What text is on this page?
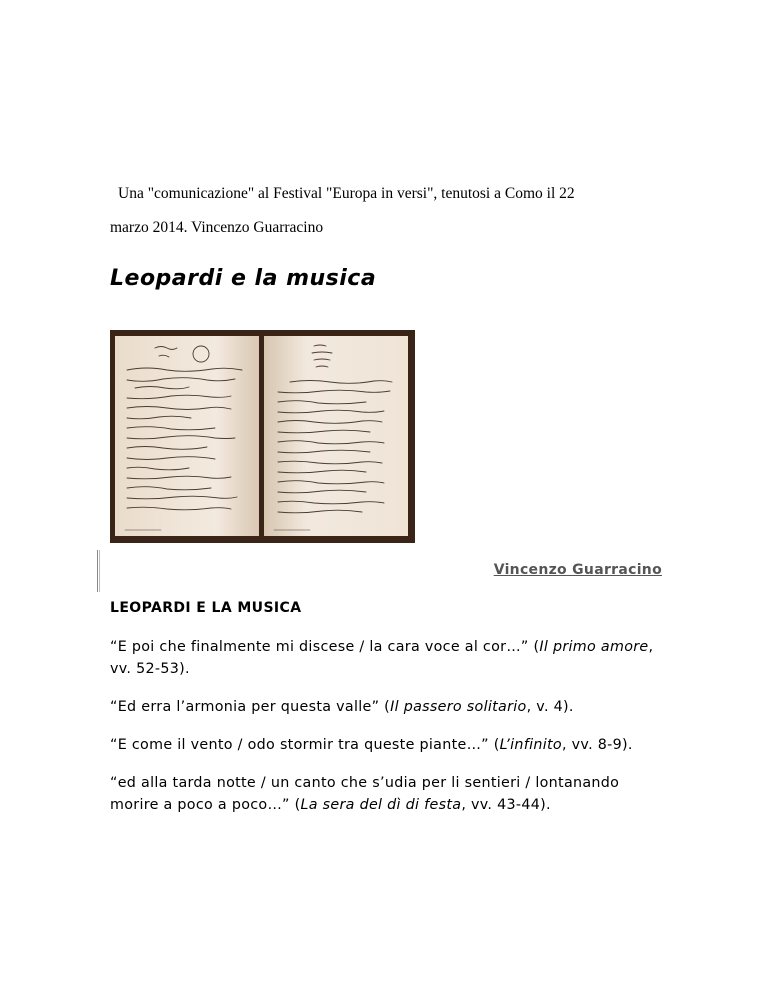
Una "comunicazione" al Festival "Europa in versi", tenutosi a Como il 22
marzo 2014. Vincenzo Guarracino
Leopardi e la musica
Vincenzo Guarracino
LEOPARDI E LA MUSICA

“E poi che finalmente mi discese / la cara voce al cor…” (Il primo amore, vv. 52-53).

“Ed erra l’armonia per questa valle” (Il passero solitario, v. 4).

“E come il vento / odo stormir tra queste piante…” (L’infinito, vv. 8-9).

“ed alla tarda notte / un canto che s’udia per li sentieri / lontanando morire a poco a poco…” (La sera del dì di festa, vv. 43-44).
